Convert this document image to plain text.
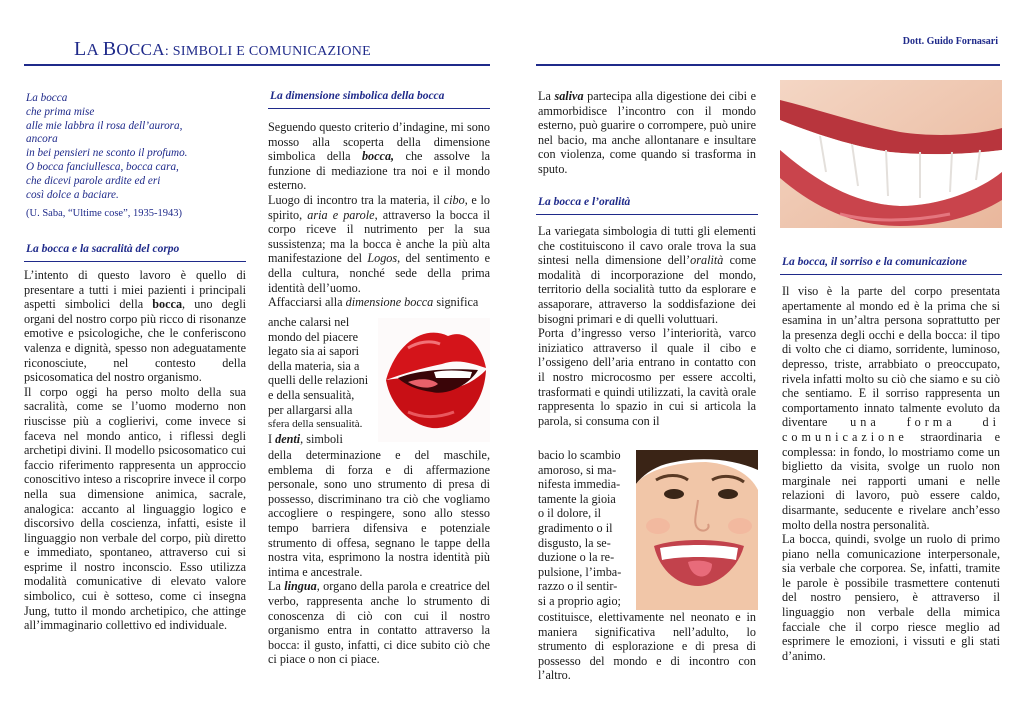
LA BOCCA: SIMBOLI E COMUNICAZIONE
Dott. Guido Fornasari
La bocca
che prima mise
alle mie labbra il rosa dell’aurora,
ancora
in bei pensieri ne sconto il profumo.
O bocca fanciullesca, bocca cara,
che dicevi parole ardite ed eri
così dolce a baciare.
(U. Saba, “Ultime cose”, 1935-1943)
La bocca e la sacralità del corpo

L’intento di questo lavoro è quello di presentare a tutti i miei pazienti i principali aspetti simbolici della bocca, uno degli organi del nostro corpo più ricco di risonanze emotive e psicologiche, che le conferiscono valenza e dignità, spesso non adeguatamente riconosciute, nel contesto della psicosomatica del nostro organismo.

Il corpo oggi ha perso molto della sua sacralità, come se l’uomo moderno non riuscisse più a coglierivi, come invece si faceva nel mondo antico, i riflessi degli archetipi divini. Il modello psicosomatico cui faccio riferimento rappresenta un approccio conoscitivo inteso a riscoprire invece il corpo nella sua dimensione animica, sacrale, analogica: accanto al linguaggio logico e discorsivo della coscienza, infatti, esiste il linguaggio non verbale del corpo, più diretto e immediato, spontaneo, attraverso cui si esprime il nostro inconscio. Esso utilizza modalità comunicative di elevato valore simbolico, cui è sotteso, come ci insegna Jung, tutto il mondo archetipico, che attinge all’immaginario collettivo ed individuale.

La dimensione simbolica della bocca

Seguendo questo criterio d’indagine, mi sono mosso alla scoperta della dimensione simbolica della bocca, che assolve la funzione di mediazione tra noi e il mondo esterno.

Luogo di incontro tra la materia, il cibo, e lo spirito, aria e parole, attraverso la bocca il corpo riceve il nutrimento per la sua sussistenza; ma la bocca è anche la più alta manifestazione del Logos, del sentimento e della cultura, nonché sede della prima identità dell’uomo.

Affacciarsi alla dimensione bocca significa

anche calarsi nel
mondo del piacere
legato sia ai sapori
della materia, sia a
quelli delle relazioni
e della sensualità,
per allargarsi alla
sfera della sensualità.
I denti, simboli

della determinazione e del maschile, emblema di forza e di affermazione personale, sono uno strumento di presa di possesso, discriminano tra ciò che vogliamo accogliere o respingere, sono allo stesso tempo barriera difensiva e potenziale strumento di offesa, segnano le tappe della nostra vita, esprimono la nostra identità più intima e ancestrale.

La lingua, organo della parola e creatrice del verbo, rappresenta anche lo strumento di conoscenza di ciò con cui il nostro organismo entra in contatto attraverso la bocca: il gusto, infatti, ci dice subito ciò che ci piace o non ci piace.

La saliva partecipa alla digestione dei cibi e ammorbidisce l’incontro con il mondo esterno, può guarire o corrompere, può unire nel bacio, ma anche allontanare e insultare con violenza, come quando si trasforma in sputo.

La bocca e l’oralità

La variegata simbologia di tutti gli elementi che costituiscono il cavo orale trova la sua sintesi nella dimensione dell’oralità come modalità di incorporazione del mondo, territorio della socialità tutto da esplorare e assaporare, attraverso la soddisfazione dei bisogni primari e di quelli voluttuari.

Porta d’ingresso verso l’interiorità, varco iniziatico attraverso il quale il cibo e l’ossigeno dell’aria entrano in contatto con il nostro microcosmo per essere accolti, trasformati e quindi utilizzati, la cavità orale rappresenta lo spazio in cui si articola la parola, si consuma con il

bacio lo scambio
amoroso, si ma-
nifesta immedia-
tamente la gioia
o il dolore, il
gradimento o il
disgusto, la se-
duzione o la re-
pulsione, l’imba-
razzo o il sentir-
si a proprio agio;

costituisce, elettivamente nel neonato e in maniera significativa nell’adulto, lo strumento di esplorazione e di presa di possesso del mondo e di incontro con l’altro.

La bocca, il sorriso e la comunicazione

Il viso è la parte del corpo presentata apertamente al mondo ed è la prima che si esamina in un’altra persona soprattutto per la presenza degli occhi e della bocca: il tipo di volto che ci diamo, sorridente, luminoso, depresso, triste, arrabbiato o preoccupato, rivela infatti molto su ciò che siamo e su ciò che sentiamo. E il sorriso rappresenta un comportamento innato talmente evoluto da diventare una forma di comunicazione straordinaria e complessa: in fondo, lo mostriamo come un biglietto da visita, svolge un ruolo non marginale nei rapporti umani e nelle relazioni di lavoro, può essere caldo, disarmante, seducente e rivelare anch’esso molto della nostra personalità.

La bocca, quindi, svolge un ruolo di primo piano nella comunicazione interpersonale, sia verbale che corporea. Se, infatti, tramite le parole è possibile trasmettere contenuti del nostro pensiero, è attraverso il linguaggio non verbale della mimica facciale che il corpo riesce meglio ad esprimere le emozioni, i vissuti e gli stati d’animo.
